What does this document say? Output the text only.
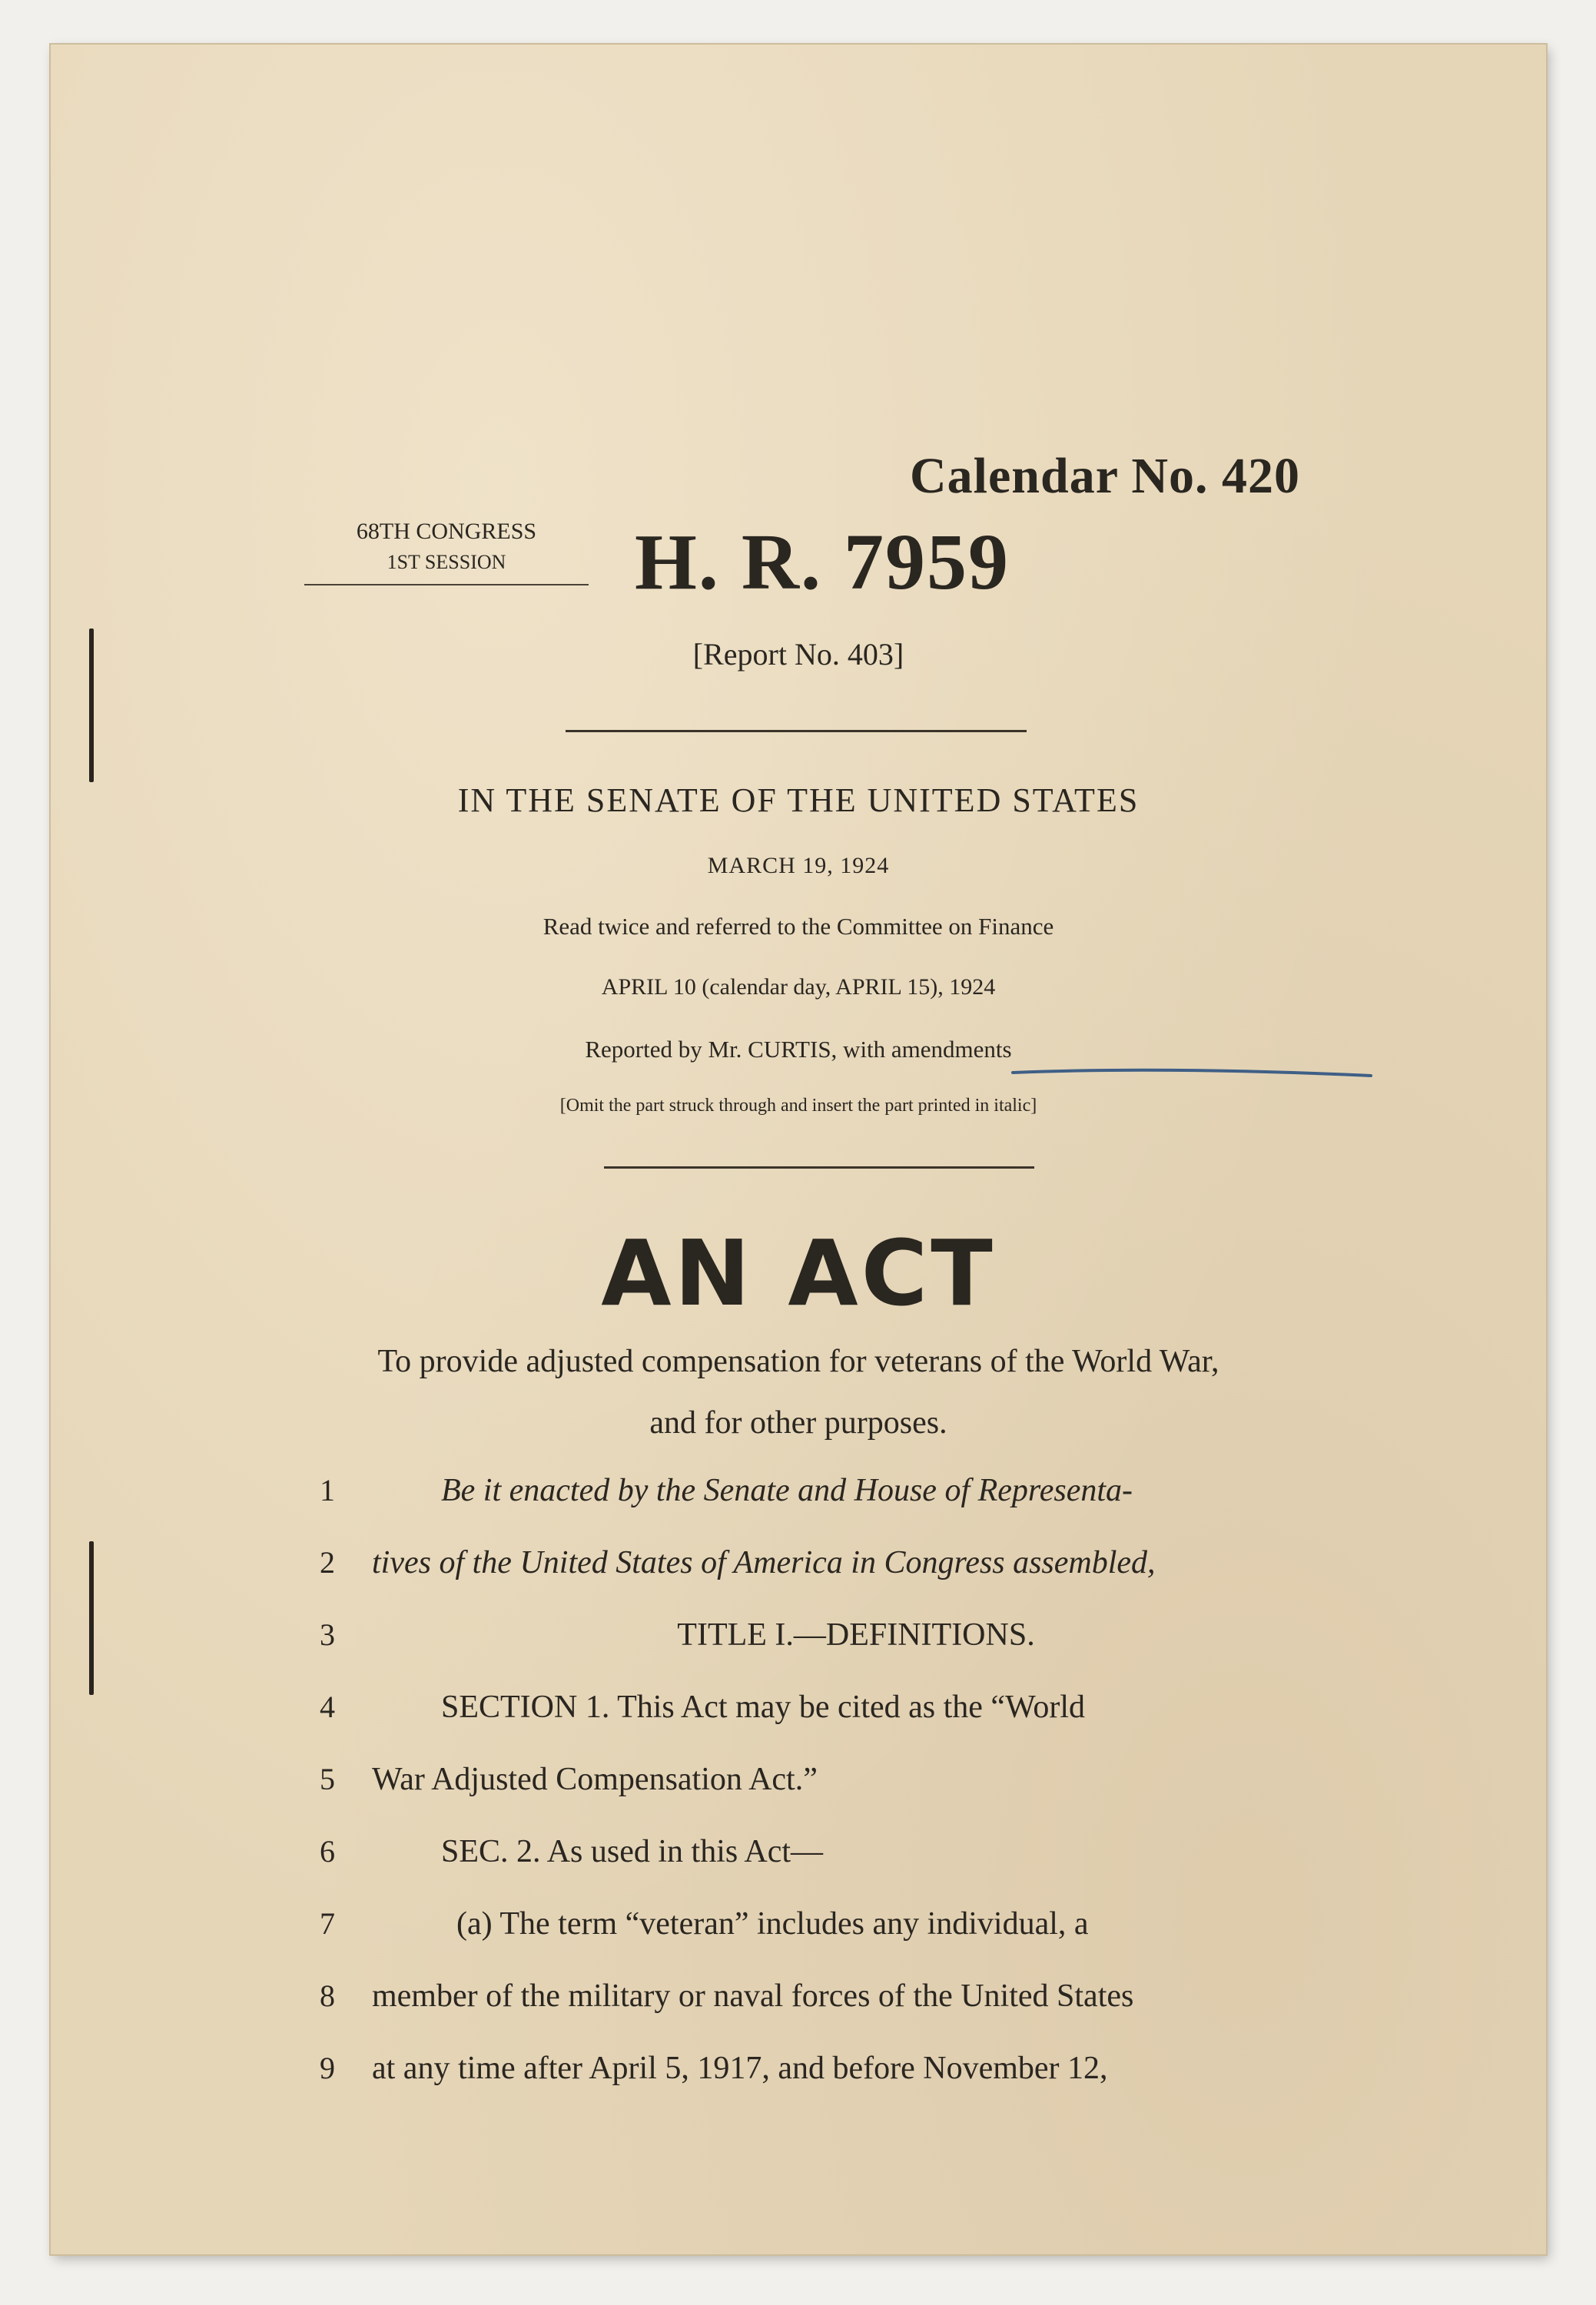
Calendar No. 420
68TH CONGRESS
1ST SESSION	H. R. 7959
[Report No. 403]
IN THE SENATE OF THE UNITED STATES
MARCH 19, 1924
Read twice and referred to the Committee on Finance
APRIL 10 (calendar day, APRIL 15), 1924
Reported by Mr. CURTIS, with amendments
[Omit the part struck through and insert the part printed in italic]
AN ACT
To provide adjusted compensation for veterans of the World War,
and for other purposes.
1	Be it enacted by the Senate and House of Representa-
2	tives of the United States of America in Congress assembled,
3	TITLE I.—DEFINITIONS.
4	SECTION 1. This Act may be cited as the “World
5	War Adjusted Compensation Act.”
6	SEC. 2. As used in this Act—
7	(a) The term “veteran” includes any individual, a
8	member of the military or naval forces of the United States
9	at any time after April 5, 1917, and before November 12,
